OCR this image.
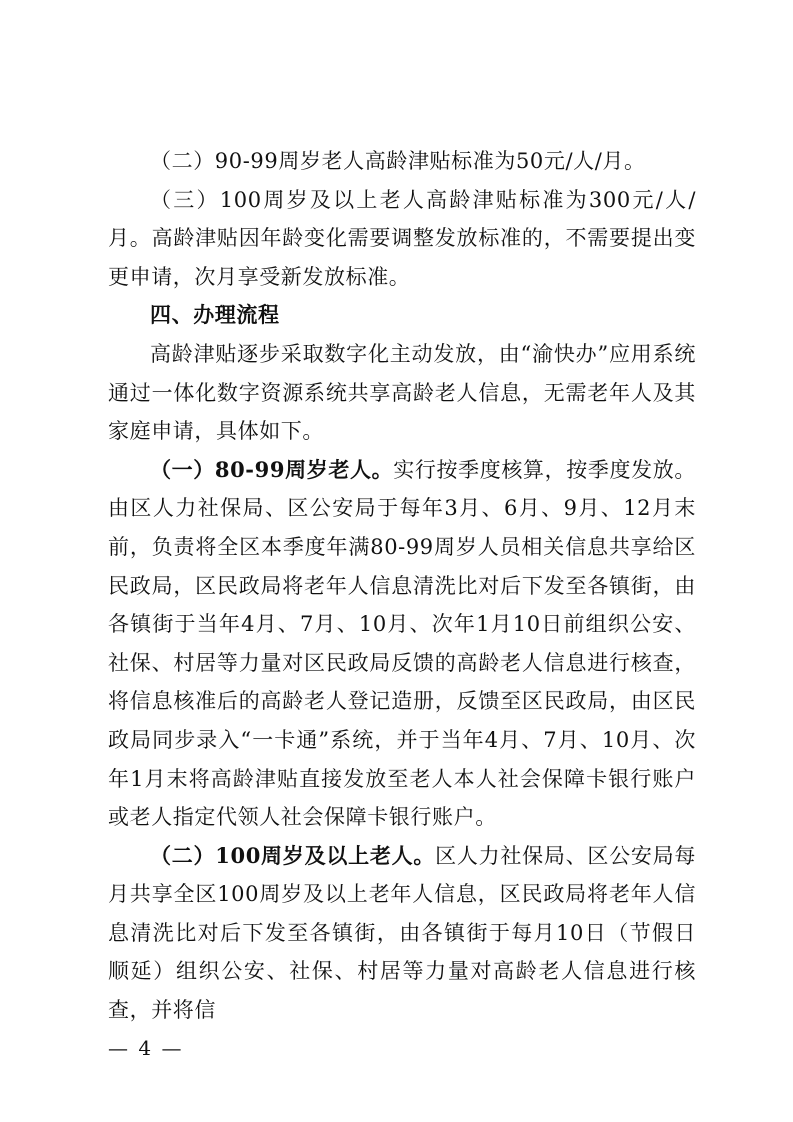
（二）90-99周岁老人高龄津贴标准为50元/人/月。

（三）100周岁及以上老人高龄津贴标准为300元/人/月。高龄津贴因年龄变化需要调整发放标准的，不需要提出变更申请，次月享受新发放标准。

四、办理流程

高龄津贴逐步采取数字化主动发放，由“渝快办”应用系统通过一体化数字资源系统共享高龄老人信息，无需老年人及其家庭申请，具体如下。

（一）80-99周岁老人。实行按季度核算，按季度发放。由区人力社保局、区公安局于每年3月、6月、9月、12月末前，负责将全区本季度年满80-99周岁人员相关信息共享给区民政局，区民政局将老年人信息清洗比对后下发至各镇街，由各镇街于当年4月、7月、10月、次年1月10日前组织公安、社保、村居等力量对区民政局反馈的高龄老人信息进行核查，将信息核准后的高龄老人登记造册，反馈至区民政局，由区民政局同步录入“一卡通”系统，并于当年4月、7月、10月、次年1月末将高龄津贴直接发放至老人本人社会保障卡银行账户或老人指定代领人社会保障卡银行账户。

（二）100周岁及以上老人。区人力社保局、区公安局每月共享全区100周岁及以上老年人信息，区民政局将老年人信息清洗比对后下发至各镇街，由各镇街于每月10日（节假日顺延）组织公安、社保、村居等力量对高龄老人信息进行核查，并将信

— 4 —
